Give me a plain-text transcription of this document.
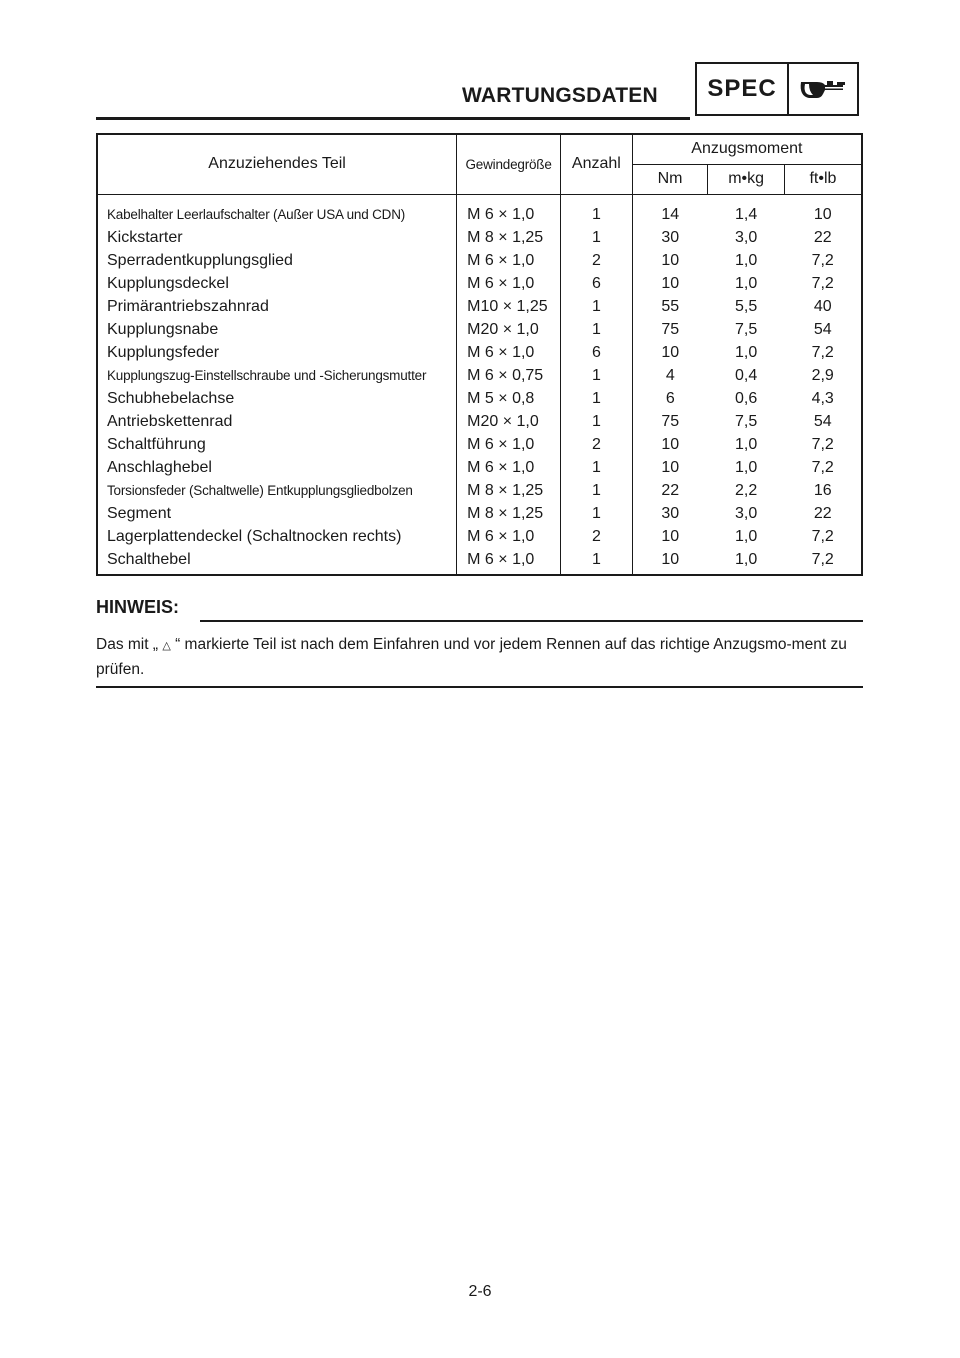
WARTUNGSDATEN	SPEC
Anzuziehendes Teil	Gewindegröße	Anzahl	Anzugsmoment		
			Nm	m•kg	ft•lb
Kabelhalter Leerlaufschalter (Außer USA und CDN)	M 6 × 1,0	1	14	1,4	10
Kickstarter	M 8 × 1,25	1	30	3,0	22
Sperradentkupplungsglied	M 6 × 1,0	2	10	1,0	7,2
Kupplungsdeckel	M 6 × 1,0	6	10	1,0	7,2
Primärantriebszahnrad	M10 × 1,25	1	55	5,5	40
Kupplungsnabe	M20 × 1,0	1	75	7,5	54
Kupplungsfeder	M 6 × 1,0	6	10	1,0	7,2
Kupplungszug-Einstellschraube und -Sicherungsmutter	M 6 × 0,75	1	4	0,4	2,9
Schubhebelachse	M 5 × 0,8	1	6	0,6	4,3
Antriebskettenrad	M20 × 1,0	1	75	7,5	54
Schaltführung	M 6 × 1,0	2	10	1,0	7,2
Anschlaghebel	M 6 × 1,0	1	10	1,0	7,2
Torsionsfeder (Schaltwelle) Entkupplungsgliedbolzen	M 8 × 1,25	1	22	2,2	16
Segment	M 8 × 1,25	1	30	3,0	22
Lagerplattendeckel (Schaltnocken rechts)	M 6 × 1,0	2	10	1,0	7,2
Schalthebel	M 6 × 1,0	1	10	1,0	7,2
HINWEIS:
Das mit „ △ “ markierte Teil ist nach dem Einfahren und vor jedem Rennen auf das richtige Anzugsmo-ment zu prüfen.
2-6
